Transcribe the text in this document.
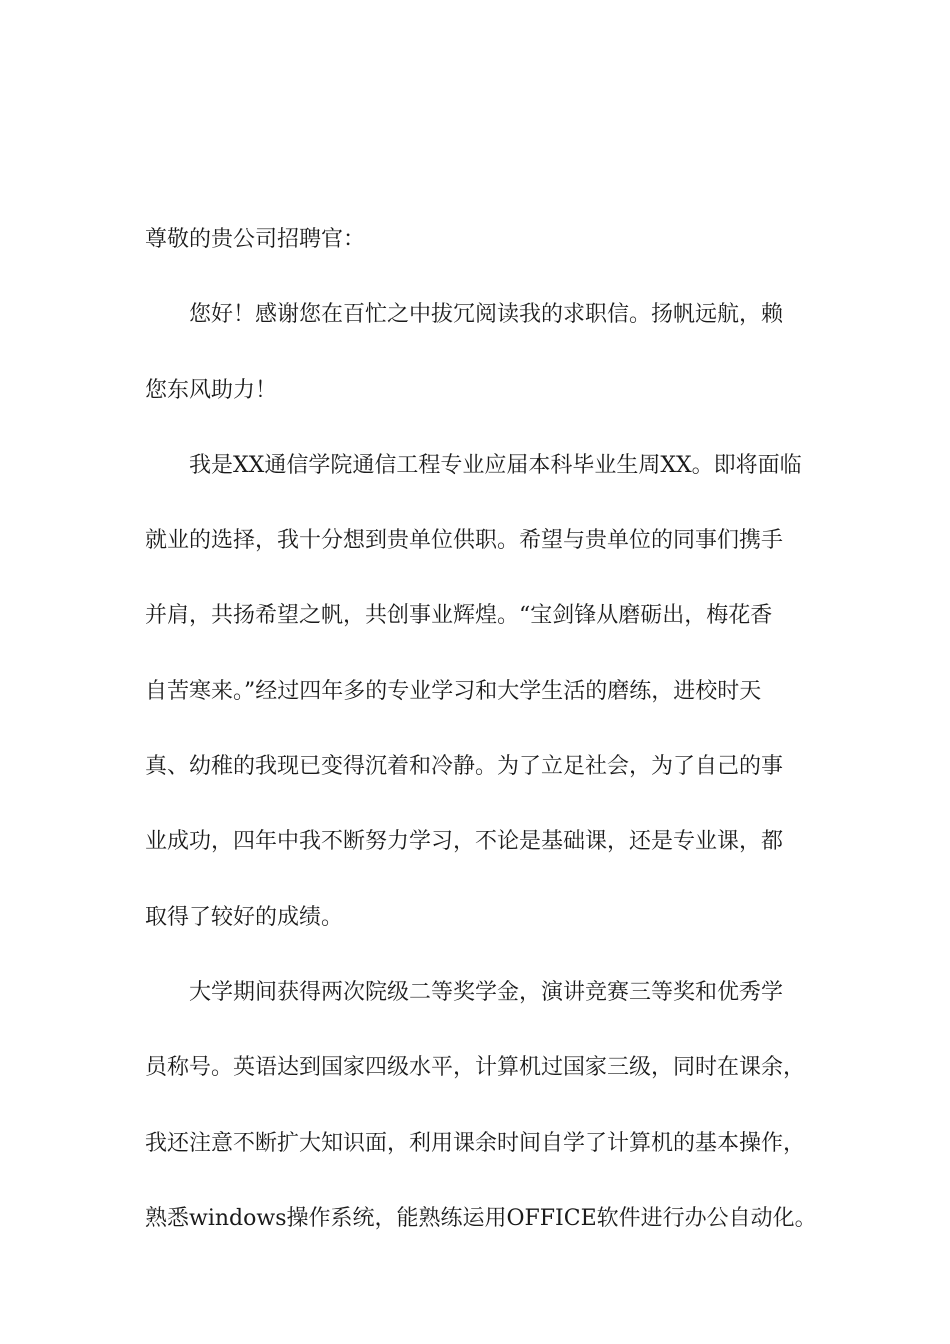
尊敬的贵公司招聘官：
您好！感谢您在百忙之中拔冗阅读我的求职信。扬帆远航，赖
您东风助力！
我是XX通信学院通信工程专业应届本科毕业生周XX。即将面临
就业的选择，我十分想到贵单位供职。希望与贵单位的同事们携手
并肩，共扬希望之帆，共创事业辉煌。“宝剑锋从磨砺出，梅花香
自苦寒来。”经过四年多的专业学习和大学生活的磨练，进校时天
真、幼稚的我现已变得沉着和冷静。为了立足社会，为了自己的事
业成功，四年中我不断努力学习，不论是基础课，还是专业课，都
取得了较好的成绩。
大学期间获得两次院级二等奖学金，演讲竞赛三等奖和优秀学
员称号。英语达到国家四级水平，计算机过国家三级，同时在课余，
我还注意不断扩大知识面，利用课余时间自学了计算机的基本操作，
熟悉windows操作系统，能熟练运用OFFICE软件进行办公自动化。
